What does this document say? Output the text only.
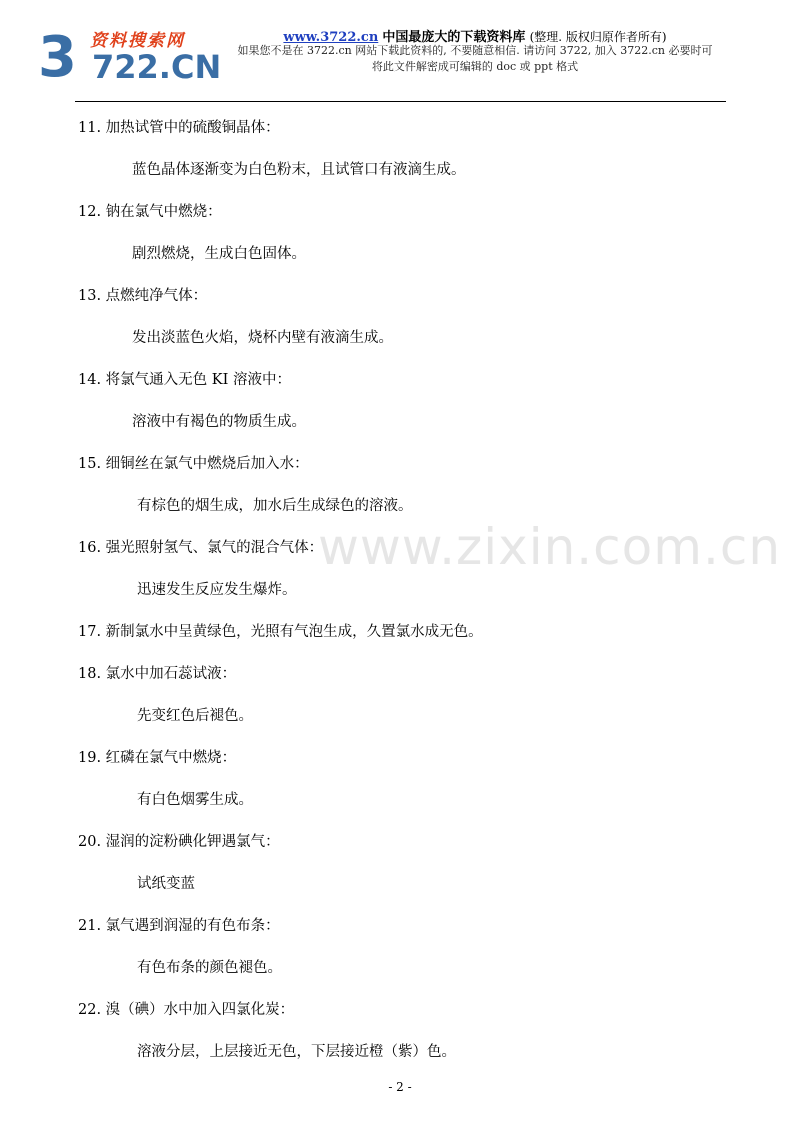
3 资料搜索网
722.CN
www.3722.cn 中国最庞大的下载资料库 (整理. 版权归原作者所有)
如果您不是在 3722.cn 网站下载此资料的, 不要随意相信. 请访问 3722, 加入 3722.cn 必要时可
将此文件解密成可编辑的 doc 或 ppt 格式
www.zixin.com.cn
11. 加热试管中的硫酸铜晶体：
蓝色晶体逐渐变为白色粉末，且试管口有液滴生成。
12. 钠在氯气中燃烧：
剧烈燃烧，生成白色固体。
13. 点燃纯净气体：
发出淡蓝色火焰，烧杯内壁有液滴生成。
14. 将氯气通入无色 KI 溶液中：
溶液中有褐色的物质生成。
15. 细铜丝在氯气中燃烧后加入水：
有棕色的烟生成，加水后生成绿色的溶液。
16. 强光照射氢气、氯气的混合气体：
迅速发生反应发生爆炸。
17. 新制氯水中呈黄绿色，光照有气泡生成，久置氯水成无色。
18. 氯水中加石蕊试液：
先变红色后褪色。
19. 红磷在氯气中燃烧：
有白色烟雾生成。
20. 湿润的淀粉碘化钾遇氯气：
试纸变蓝
21. 氯气遇到润湿的有色布条：
有色布条的颜色褪色。
22. 溴（碘）水中加入四氯化炭：
溶液分层，上层接近无色，下层接近橙（紫）色。
- 2 -
